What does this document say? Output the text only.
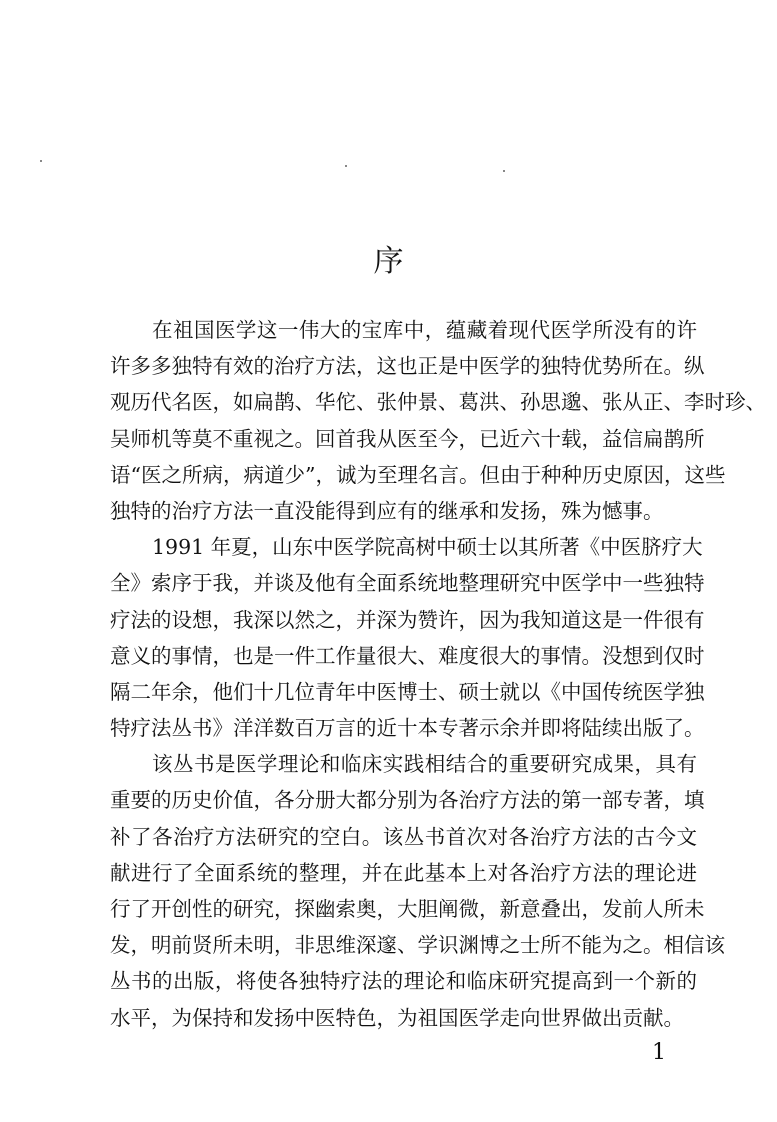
序
在祖国医学这一伟大的宝库中，蕴藏着现代医学所没有的许
许多多独特有效的治疗方法，这也正是中医学的独特优势所在。纵
观历代名医，如扁鹊、华佗、张仲景、葛洪、孙思邈、张从正、李时珍、
吴师机等莫不重视之。回首我从医至今，已近六十载，益信扁鹊所
语“医之所病，病道少”，诚为至理名言。但由于种种历史原因，这些
独特的治疗方法一直没能得到应有的继承和发扬，殊为憾事。
1991 年夏，山东中医学院高树中硕士以其所著《中医脐疗大
全》索序于我，并谈及他有全面系统地整理研究中医学中一些独特
疗法的设想，我深以然之，并深为赞许，因为我知道这是一件很有
意义的事情，也是一件工作量很大、难度很大的事情。没想到仅时
隔二年余，他们十几位青年中医博士、硕士就以《中国传统医学独
特疗法丛书》洋洋数百万言的近十本专著示余并即将陆续出版了。
该丛书是医学理论和临床实践相结合的重要研究成果，具有
重要的历史价值，各分册大都分别为各治疗方法的第一部专著，填
补了各治疗方法研究的空白。该丛书首次对各治疗方法的古今文
献进行了全面系统的整理，并在此基本上对各治疗方法的理论进
行了开创性的研究，探幽索奥，大胆阐微，新意叠出，发前人所未
发，明前贤所未明，非思维深邃、学识渊博之士所不能为之。相信该
丛书的出版，将使各独特疗法的理论和临床研究提高到一个新的
水平，为保持和发扬中医特色，为祖国医学走向世界做出贡献。
1
